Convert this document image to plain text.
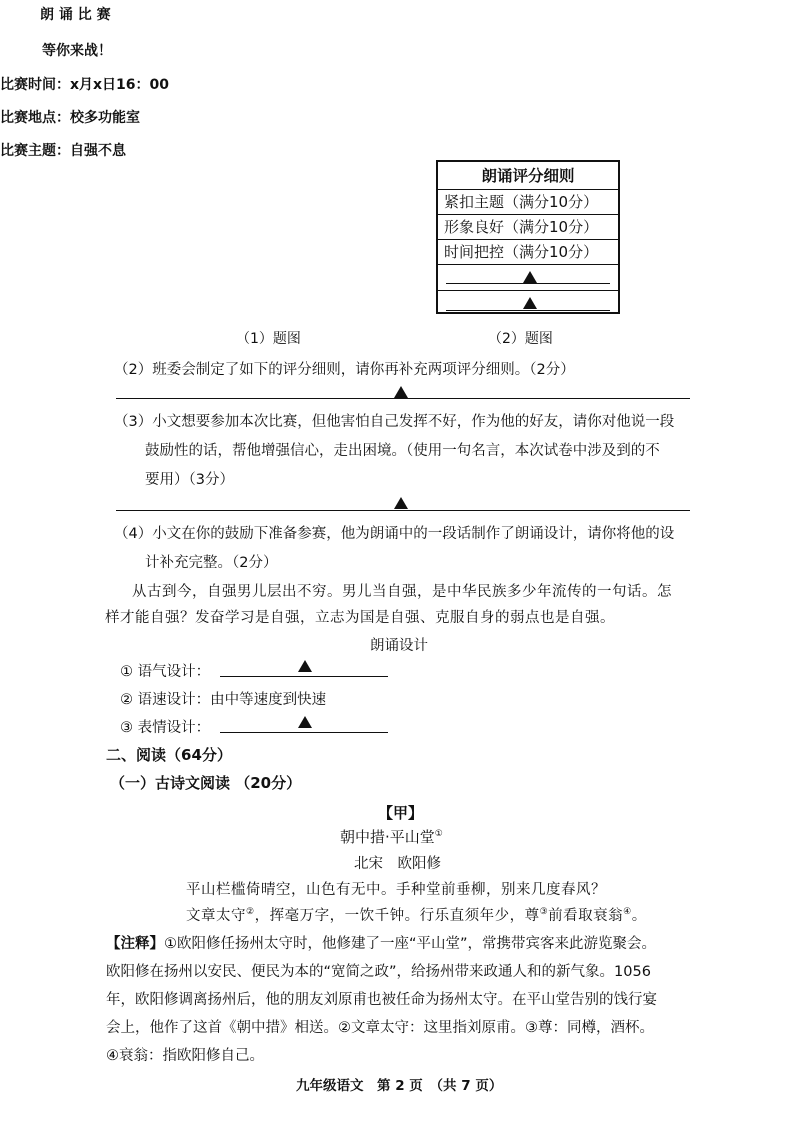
朗 诵 比 赛
等你来战！
比赛时间：x月x日16：00
比赛地点：校多功能室
比赛主题：自强不息
朗诵评分细则
紧扣主题（满分10分）
形象良好（满分10分）
时间把控（满分10分）
（1）题图	（2）题图
（2）班委会制定了如下的评分细则，请你再补充两项评分细则。（2分）
（3）小文想要参加本次比赛，但他害怕自己发挥不好，作为他的好友，请你对他说一段
鼓励性的话，帮他增强信心，走出困境。（使用一句名言，本次试卷中涉及到的不
要用）（3分）
（4）小文在你的鼓励下准备参赛，他为朗诵中的一段话制作了朗诵设计，请你将他的设
计补充完整。（2分）
从古到今，自强男儿层出不穷。男儿当自强，是中华民族多少年流传的一句话。怎
样才能自强？发奋学习是自强，立志为国是自强、克服自身的弱点也是自强。
朗诵设计
① 语气设计：
② 语速设计：由中等速度到快速
③ 表情设计：
二、阅读（64分）
（一）古诗文阅读 （20分）
【甲】
朝中措·平山堂①
北宋　欧阳修
平山栏槛倚晴空，山色有无中。手种堂前垂柳，别来几度春风？
文章太守②，挥毫万字，一饮千钟。行乐直须年少，尊③前看取衰翁④。
【注释】①欧阳修任扬州太守时，他修建了一座“平山堂”，常携带宾客来此游览聚会。
欧阳修在扬州以安民、便民为本的“宽简之政”，给扬州带来政通人和的新气象。1056
年，欧阳修调离扬州后，他的朋友刘原甫也被任命为扬州太守。在平山堂告别的饯行宴
会上，他作了这首《朝中措》相送。②文章太守：这里指刘原甫。③尊：同樽，酒杯。
④衰翁：指欧阳修自己。
九年级语文　第 2 页　（共 7 页）
